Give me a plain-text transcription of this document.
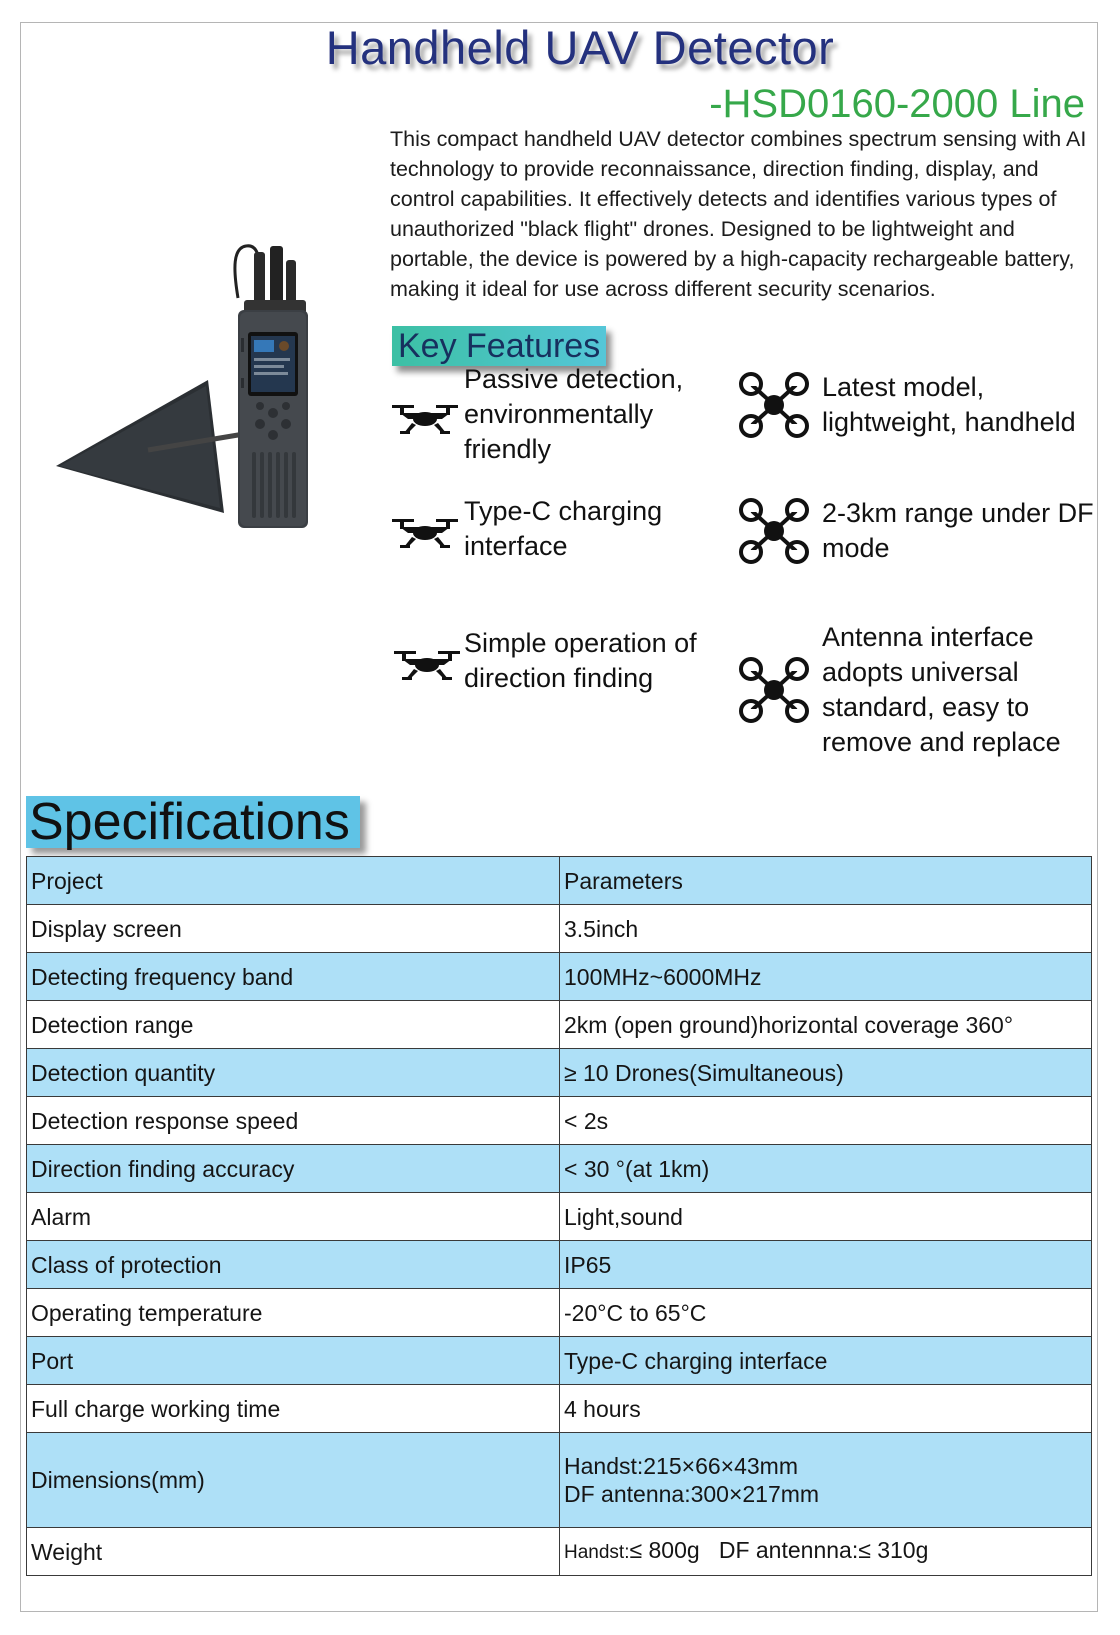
Handheld UAV Detector
-HSD0160-2000 Line

This compact handheld UAV detector combines spectrum sensing with AI technology to provide reconnaissance, direction finding, display, and control capabilities. It effectively detects and identifies various types of unauthorized "black flight" drones. Designed to be lightweight and portable, the device is powered by a high-capacity rechargeable battery, making it ideal for use across different security scenarios.

Key Features
Passive detection, environmentally friendly
Latest model, lightweight, handheld
Type-C charging interface
2-3km range under DF mode
Simple operation of direction finding
Antenna interface adopts universal standard, easy to remove and replace
Specifications
Project	Parameters
Display screen	3.5inch
Detecting frequency band	100MHz~6000MHz
Detection range	2km (open ground)horizontal coverage 360°
Detection quantity	≥ 10 Drones(Simultaneous)
Detection response speed	< 2s
Direction finding accuracy	< 30 °(at 1km)
Alarm	Light,sound
Class of protection	IP65
Operating temperature	-20°C to 65°C
Port	Type-C charging interface
Full charge working time	4 hours
Dimensions(mm)	Handst:215×66×43mm
DF antenna:300×217mm

Weight	Handst:≤ 800g DF antennna:≤ 310g
